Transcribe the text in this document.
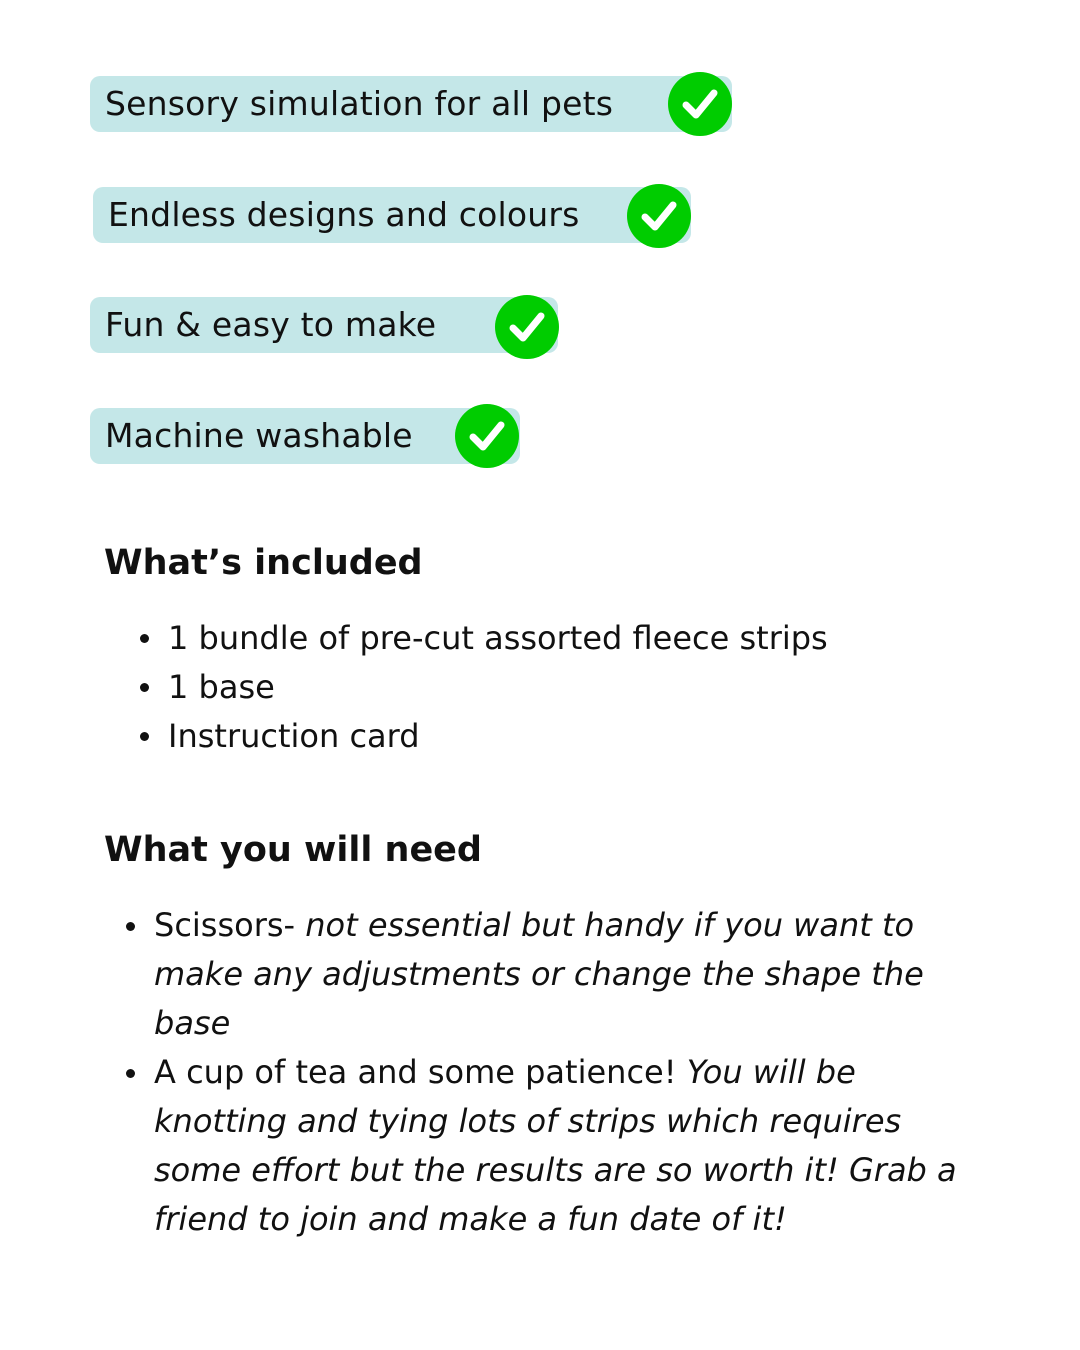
Sensory simulation for all pets
Endless designs and colours
Fun & easy to make
Machine washable
What’s included
1 bundle of pre-cut assorted fleece strips
1 base
Instruction card
What you will need
Scissors- not essential but handy if you want to make any adjustments or change the shape the base
A cup of tea and some patience! You will be knotting and tying lots of strips which requires some effort but the results are so worth it! Grab a friend to join and make a fun date of it!
